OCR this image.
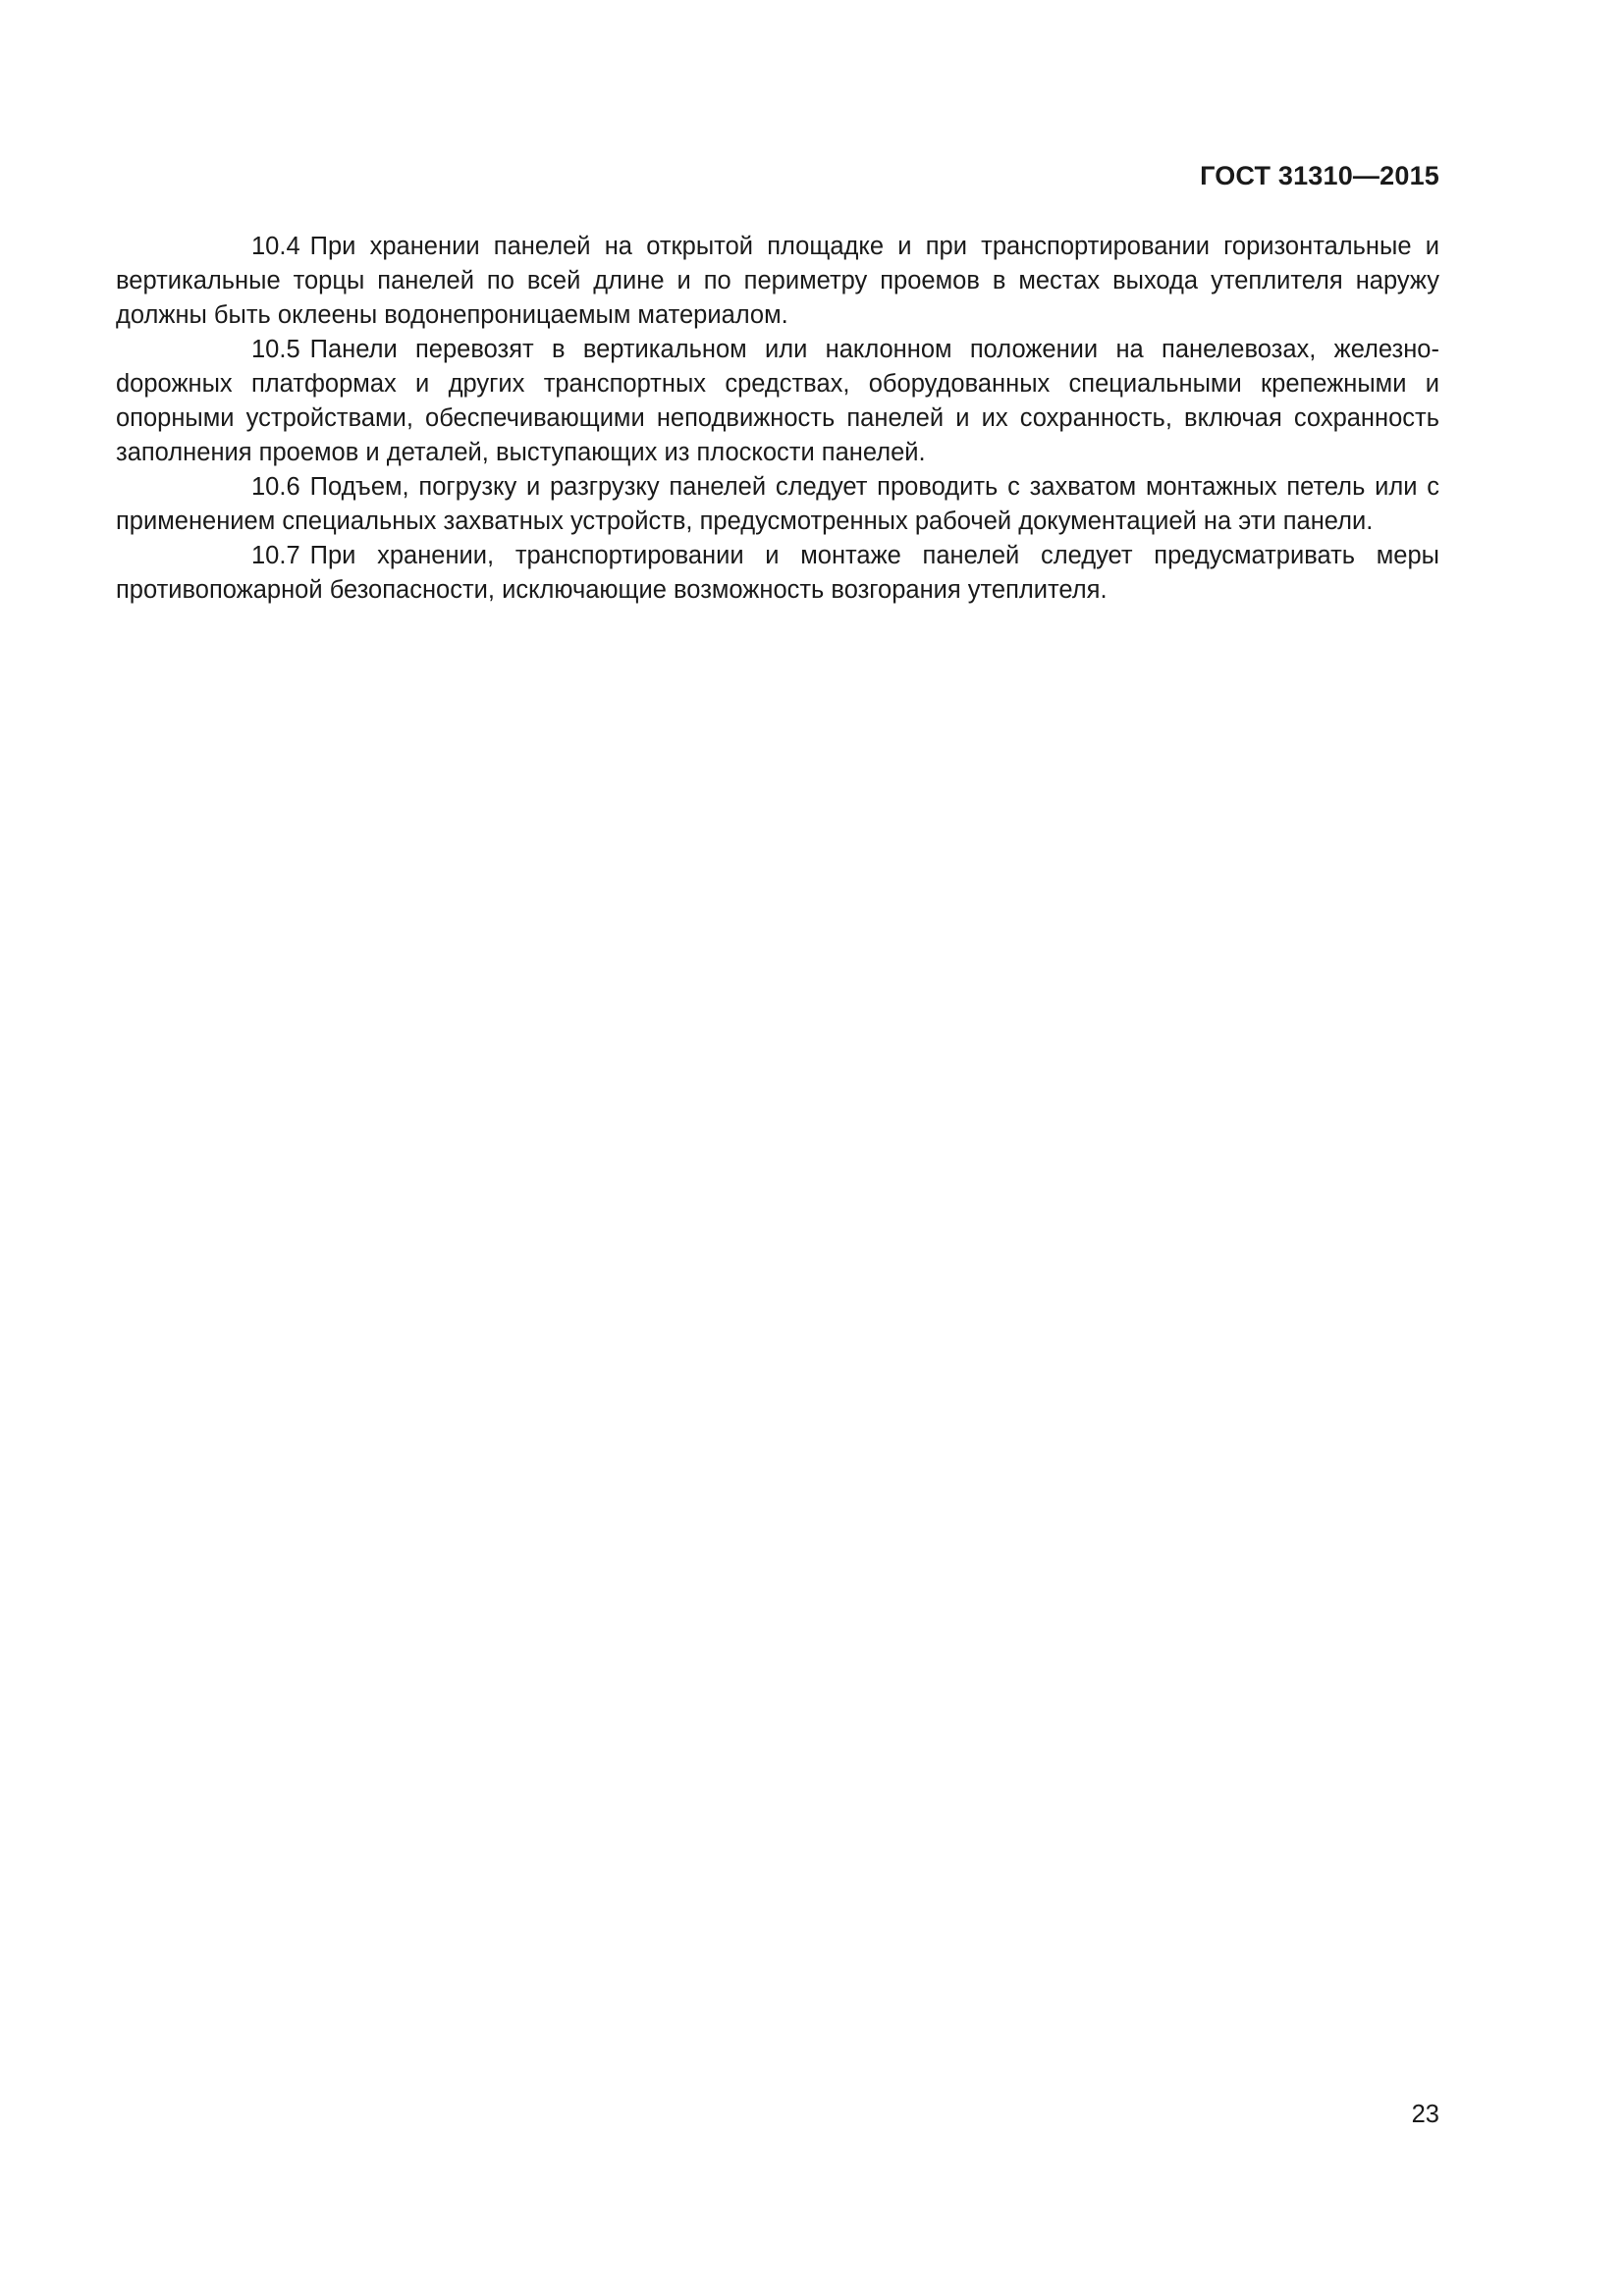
ГОСТ 31310—2015

10.4 При хранении панелей на открытой площадке и при транспортировании горизонтальные и вертикальные торцы панелей по всей длине и по периметру проемов в местах выхода утеплителя наружу должны быть оклеены водонепроницаемым материалом.

10.5 Панели перевозят в вертикальном или наклонном положении на панелевозах, железноdорожных платформах и других транспортных средствах, оборудованных специальными крепежными и опорными устройствами, обеспечивающими неподвижность панелей и их сохранность, включая сохранность заполнения проемов и деталей, выступающих из плоскости панелей.

10.6 Подъем, погрузку и разгрузку панелей следует проводить с захватом монтажных петель или с применением специальных захватных устройств, предусмотренных рабочей документацией на эти панели.

10.7 При хранении, транспортировании и монтаже панелей следует предусматривать меры противопожарной безопасности, исключающие возможность возгорания утеплителя.

23
